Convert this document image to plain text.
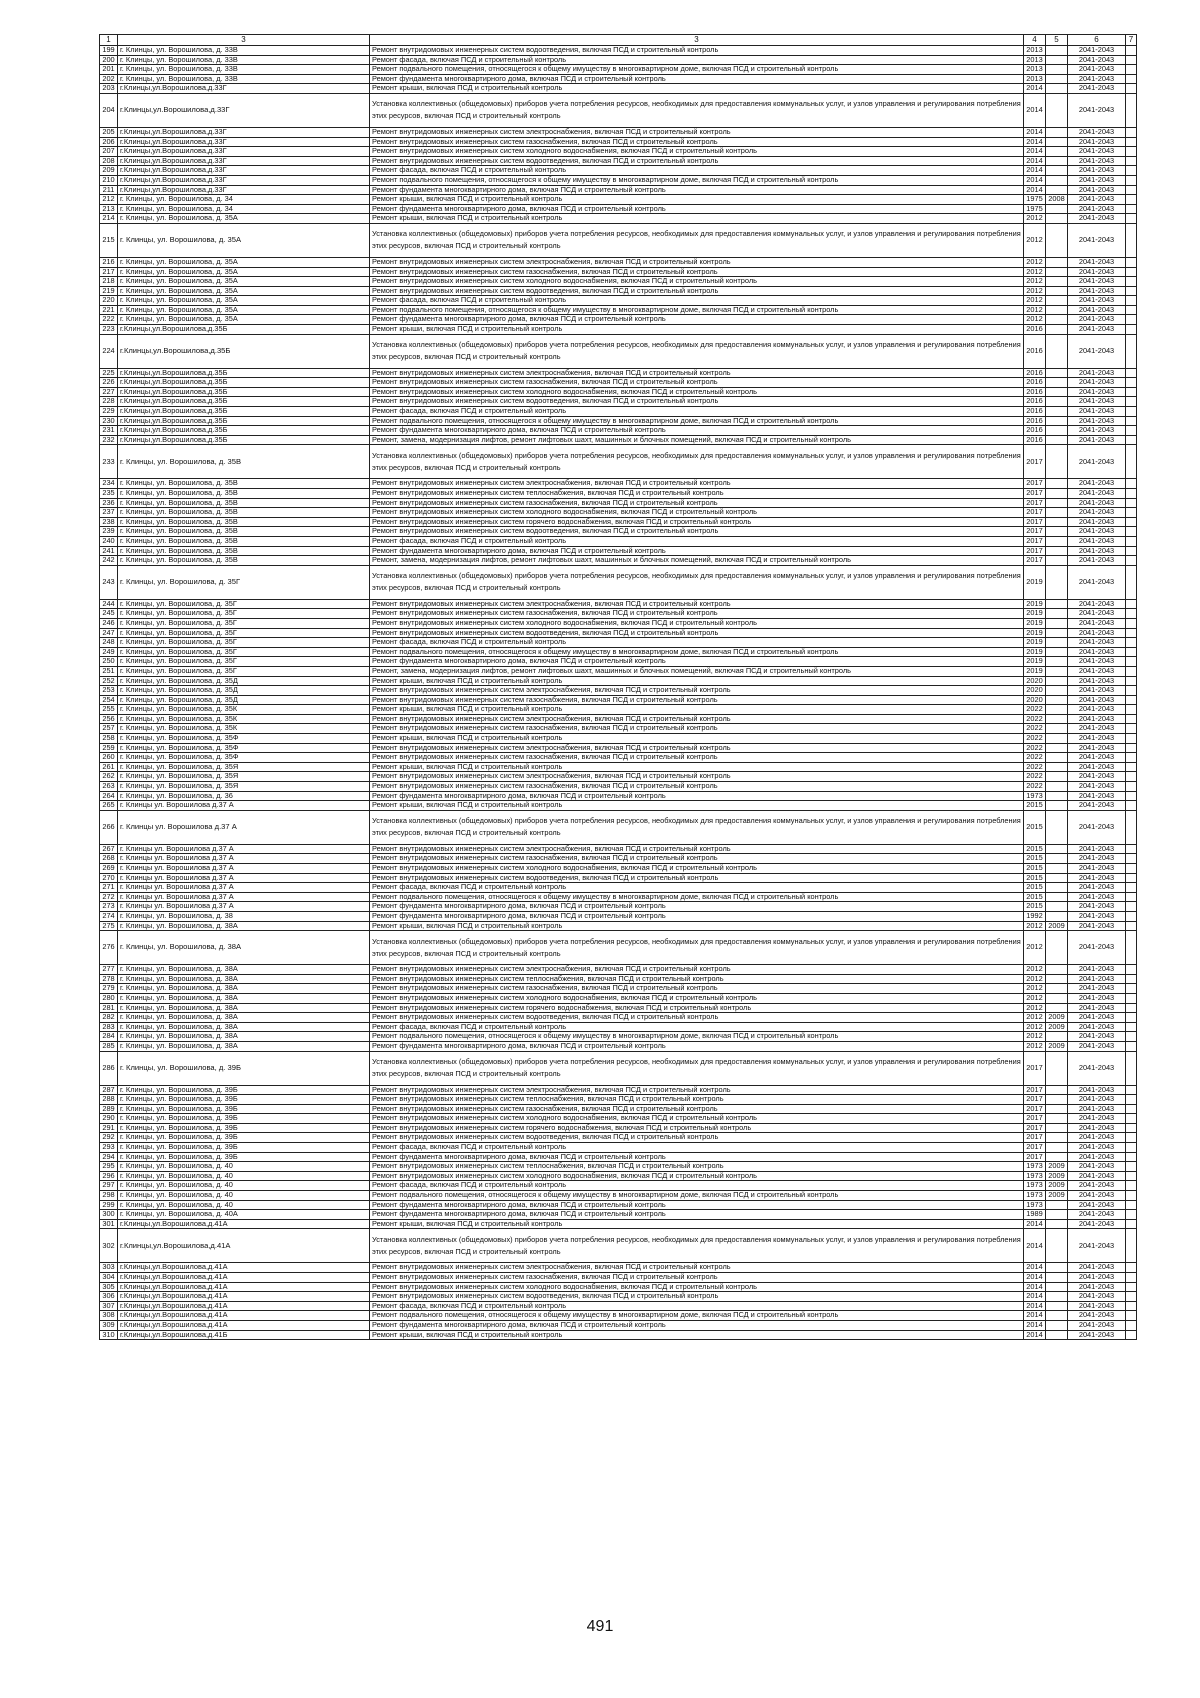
1	3	3	4	5	6	7
199	г. Клинцы, ул. Ворошилова, д. 33В	Ремонт внутридомовых инженерных систем водоотведения, включая ПСД и строительный контроль	2013		2041-2043	
200	г. Клинцы, ул. Ворошилова, д. 33В	Ремонт фасада, включая ПСД и строительный контроль	2013		2041-2043	
201	г. Клинцы, ул. Ворошилова, д. 33В	Ремонт подвального помещения, относящегося к общему имуществу в многоквартирном доме, включая ПСД и строительный контроль	2013		2041-2043	
202	г. Клинцы, ул. Ворошилова, д. 33В	Ремонт фундамента многоквартирного дома, включая ПСД и строительный контроль	2013		2041-2043	
203	г.Клинцы,ул.Ворошилова,д.33Г	Ремонт крыши, включая ПСД и строительный контроль	2014		2041-2043	
204	г.Клинцы,ул.Ворошилова,д.33Г	Установка коллективных (общедомовых) приборов учета потребления ресурсов, необходимых для предоставления коммунальных услуг, и узлов управления и регулирования потребления этих ресурсов, включая ПСД и строительный контроль	2014		2041-2043	
205	г.Клинцы,ул.Ворошилова,д.33Г	Ремонт внутридомовых инженерных систем электроснабжения, включая ПСД и строительный контроль	2014		2041-2043	
206	г.Клинцы,ул.Ворошилова,д.33Г	Ремонт внутридомовых инженерных систем газоснабжения, включая ПСД и строительный контроль	2014		2041-2043	
207	г.Клинцы,ул.Ворошилова,д.33Г	Ремонт внутридомовых инженерных систем холодного водоснабжения, включая ПСД и строительный контроль	2014		2041-2043	
208	г.Клинцы,ул.Ворошилова,д.33Г	Ремонт внутридомовых инженерных систем водоотведения, включая ПСД и строительный контроль	2014		2041-2043	
209	г.Клинцы,ул.Ворошилова,д.33Г	Ремонт фасада, включая ПСД и строительный контроль	2014		2041-2043	
210	г.Клинцы,ул.Ворошилова,д.33Г	Ремонт подвального помещения, относящегося к общему имуществу в многоквартирном доме, включая ПСД и строительный контроль	2014		2041-2043	
211	г.Клинцы,ул.Ворошилова,д.33Г	Ремонт фундамента многоквартирного дома, включая ПСД и строительный контроль	2014		2041-2043	
212	г. Клинцы, ул. Ворошилова, д. 34	Ремонт крыши, включая ПСД и строительный контроль	1975	2008	2041-2043	
213	г. Клинцы, ул. Ворошилова, д. 34	Ремонт фундамента многоквартирного дома, включая ПСД и строительный контроль	1975		2041-2043	
214	г. Клинцы, ул. Ворошилова, д. 35А	Ремонт крыши, включая ПСД и строительный контроль	2012		2041-2043	
215	г. Клинцы, ул. Ворошилова, д. 35А	Установка коллективных (общедомовых) приборов учета потребления ресурсов, необходимых для предоставления коммунальных услуг, и узлов управления и регулирования потребления этих ресурсов, включая ПСД и строительный контроль	2012		2041-2043	
216	г. Клинцы, ул. Ворошилова, д. 35А	Ремонт внутридомовых инженерных систем электроснабжения, включая ПСД и строительный контроль	2012		2041-2043	
217	г. Клинцы, ул. Ворошилова, д. 35А	Ремонт внутридомовых инженерных систем газоснабжения, включая ПСД и строительный контроль	2012		2041-2043	
218	г. Клинцы, ул. Ворошилова, д. 35А	Ремонт внутридомовых инженерных систем холодного водоснабжения, включая ПСД и строительный контроль	2012		2041-2043	
219	г. Клинцы, ул. Ворошилова, д. 35А	Ремонт внутридомовых инженерных систем водоотведения, включая ПСД и строительный контроль	2012		2041-2043	
220	г. Клинцы, ул. Ворошилова, д. 35А	Ремонт фасада, включая ПСД и строительный контроль	2012		2041-2043	
221	г. Клинцы, ул. Ворошилова, д. 35А	Ремонт подвального помещения, относящегося к общему имуществу в многоквартирном доме, включая ПСД и строительный контроль	2012		2041-2043	
222	г. Клинцы, ул. Ворошилова, д. 35А	Ремонт фундамента многоквартирного дома, включая ПСД и строительный контроль	2012		2041-2043	
223	г.Клинцы,ул.Ворошилова,д.35Б	Ремонт крыши, включая ПСД и строительный контроль	2016		2041-2043	
224	г.Клинцы,ул.Ворошилова,д.35Б	Установка коллективных (общедомовых) приборов учета потребления ресурсов, необходимых для предоставления коммунальных услуг, и узлов управления и регулирования потребления этих ресурсов, включая ПСД и строительный контроль	2016		2041-2043	
225	г.Клинцы,ул.Ворошилова,д.35Б	Ремонт внутридомовых инженерных систем электроснабжения, включая ПСД и строительный контроль	2016		2041-2043	
226	г.Клинцы,ул.Ворошилова,д.35Б	Ремонт внутридомовых инженерных систем газоснабжения, включая ПСД и строительный контроль	2016		2041-2043	
227	г.Клинцы,ул.Ворошилова,д.35Б	Ремонт внутридомовых инженерных систем холодного водоснабжения, включая ПСД и строительный контроль	2016		2041-2043	
228	г.Клинцы,ул.Ворошилова,д.35Б	Ремонт внутридомовых инженерных систем водоотведения, включая ПСД и строительный контроль	2016		2041-2043	
229	г.Клинцы,ул.Ворошилова,д.35Б	Ремонт фасада, включая ПСД и строительный контроль	2016		2041-2043	
230	г.Клинцы,ул.Ворошилова,д.35Б	Ремонт подвального помещения, относящегося к общему имуществу в многоквартирном доме, включая ПСД и строительный контроль	2016		2041-2043	
231	г.Клинцы,ул.Ворошилова,д.35Б	Ремонт фундамента многоквартирного дома, включая ПСД и строительный контроль	2016		2041-2043	
232	г.Клинцы,ул.Ворошилова,д.35Б	Ремонт, замена, модернизация лифтов, ремонт лифтовых шахт, машинных и блочных помещений, включая ПСД и строительный контроль	2016		2041-2043	
233	г. Клинцы, ул. Ворошилова, д. 35В	Установка коллективных (общедомовых) приборов учета потребления ресурсов, необходимых для предоставления коммунальных услуг, и узлов управления и регулирования потребления этих ресурсов, включая ПСД и строительный контроль	2017		2041-2043	
234	г. Клинцы, ул. Ворошилова, д. 35В	Ремонт внутридомовых инженерных систем электроснабжения, включая ПСД и строительный контроль	2017		2041-2043	
235	г. Клинцы, ул. Ворошилова, д. 35В	Ремонт внутридомовых инженерных систем теплоснабжения, включая ПСД и строительный контроль	2017		2041-2043	
236	г. Клинцы, ул. Ворошилова, д. 35В	Ремонт внутридомовых инженерных систем газоснабжения, включая ПСД и строительный контроль	2017		2041-2043	
237	г. Клинцы, ул. Ворошилова, д. 35В	Ремонт внутридомовых инженерных систем холодного водоснабжения, включая ПСД и строительный контроль	2017		2041-2043	
238	г. Клинцы, ул. Ворошилова, д. 35В	Ремонт внутридомовых инженерных систем горячего водоснабжения, включая ПСД и строительный контроль	2017		2041-2043	
239	г. Клинцы, ул. Ворошилова, д. 35В	Ремонт внутридомовых инженерных систем водоотведения, включая ПСД и строительный контроль	2017		2041-2043	
240	г. Клинцы, ул. Ворошилова, д. 35В	Ремонт фасада, включая ПСД и строительный контроль	2017		2041-2043	
241	г. Клинцы, ул. Ворошилова, д. 35В	Ремонт фундамента многоквартирного дома, включая ПСД и строительный контроль	2017		2041-2043	
242	г. Клинцы, ул. Ворошилова, д. 35В	Ремонт, замена, модернизация лифтов, ремонт лифтовых шахт, машинных и блочных помещений, включая ПСД и строительный контроль	2017		2041-2043	
243	г. Клинцы, ул. Ворошилова, д. 35Г	Установка коллективных (общедомовых) приборов учета потребления ресурсов, необходимых для предоставления коммунальных услуг, и узлов управления и регулирования потребления этих ресурсов, включая ПСД и строительный контроль	2019		2041-2043	
244	г. Клинцы, ул. Ворошилова, д. 35Г	Ремонт внутридомовых инженерных систем электроснабжения, включая ПСД и строительный контроль	2019		2041-2043	
245	г. Клинцы, ул. Ворошилова, д. 35Г	Ремонт внутридомовых инженерных систем газоснабжения, включая ПСД и строительный контроль	2019		2041-2043	
246	г. Клинцы, ул. Ворошилова, д. 35Г	Ремонт внутридомовых инженерных систем холодного водоснабжения, включая ПСД и строительный контроль	2019		2041-2043	
247	г. Клинцы, ул. Ворошилова, д. 35Г	Ремонт внутридомовых инженерных систем водоотведения, включая ПСД и строительный контроль	2019		2041-2043	
248	г. Клинцы, ул. Ворошилова, д. 35Г	Ремонт фасада, включая ПСД и строительный контроль	2019		2041-2043	
249	г. Клинцы, ул. Ворошилова, д. 35Г	Ремонт подвального помещения, относящегося к общему имуществу в многоквартирном доме, включая ПСД и строительный контроль	2019		2041-2043	
250	г. Клинцы, ул. Ворошилова, д. 35Г	Ремонт фундамента многоквартирного дома, включая ПСД и строительный контроль	2019		2041-2043	
251	г. Клинцы, ул. Ворошилова, д. 35Г	Ремонт, замена, модернизация лифтов, ремонт лифтовых шахт, машинных и блочных помещений, включая ПСД и строительный контроль	2019		2041-2043	
252	г. Клинцы, ул. Ворошилова, д. 35Д	Ремонт крыши, включая ПСД и строительный контроль	2020		2041-2043	
253	г. Клинцы, ул. Ворошилова, д. 35Д	Ремонт внутридомовых инженерных систем электроснабжения, включая ПСД и строительный контроль	2020		2041-2043	
254	г. Клинцы, ул. Ворошилова, д. 35Д	Ремонт внутридомовых инженерных систем газоснабжения, включая ПСД и строительный контроль	2020		2041-2043	
255	г. Клинцы, ул. Ворошилова, д. 35К	Ремонт крыши, включая ПСД и строительный контроль	2022		2041-2043	
256	г. Клинцы, ул. Ворошилова, д. 35К	Ремонт внутридомовых инженерных систем электроснабжения, включая ПСД и строительный контроль	2022		2041-2043	
257	г. Клинцы, ул. Ворошилова, д. 35К	Ремонт внутридомовых инженерных систем газоснабжения, включая ПСД и строительный контроль	2022		2041-2043	
258	г. Клинцы, ул. Ворошилова, д. 35Ф	Ремонт крыши, включая ПСД и строительный контроль	2022		2041-2043	
259	г. Клинцы, ул. Ворошилова, д. 35Ф	Ремонт внутридомовых инженерных систем электроснабжения, включая ПСД и строительный контроль	2022		2041-2043	
260	г. Клинцы, ул. Ворошилова, д. 35Ф	Ремонт внутридомовых инженерных систем газоснабжения, включая ПСД и строительный контроль	2022		2041-2043	
261	г. Клинцы, ул. Ворошилова, д. 35Я	Ремонт крыши, включая ПСД и строительный контроль	2022		2041-2043	
262	г. Клинцы, ул. Ворошилова, д. 35Я	Ремонт внутридомовых инженерных систем электроснабжения, включая ПСД и строительный контроль	2022		2041-2043	
263	г. Клинцы, ул. Ворошилова, д. 35Я	Ремонт внутридомовых инженерных систем газоснабжения, включая ПСД и строительный контроль	2022		2041-2043	
264	г. Клинцы, ул. Ворошилова, д. 36	Ремонт фундамента многоквартирного дома, включая ПСД и строительный контроль	1973		2041-2043	
265	г. Клинцы ул. Ворошилова д.37 А	Ремонт крыши, включая ПСД и строительный контроль	2015		2041-2043	
266	г. Клинцы ул. Ворошилова д.37 А	Установка коллективных (общедомовых) приборов учета потребления ресурсов, необходимых для предоставления коммунальных услуг, и узлов управления и регулирования потребления этих ресурсов, включая ПСД и строительный контроль	2015		2041-2043	
267	г. Клинцы ул. Ворошилова д.37 А	Ремонт внутридомовых инженерных систем электроснабжения, включая ПСД и строительный контроль	2015		2041-2043	
268	г. Клинцы ул. Ворошилова д.37 А	Ремонт внутридомовых инженерных систем газоснабжения, включая ПСД и строительный контроль	2015		2041-2043	
269	г. Клинцы ул. Ворошилова д.37 А	Ремонт внутридомовых инженерных систем холодного водоснабжения, включая ПСД и строительный контроль	2015		2041-2043	
270	г. Клинцы ул. Ворошилова д.37 А	Ремонт внутридомовых инженерных систем водоотведения, включая ПСД и строительный контроль	2015		2041-2043	
271	г. Клинцы ул. Ворошилова д.37 А	Ремонт фасада, включая ПСД и строительный контроль	2015		2041-2043	
272	г. Клинцы ул. Ворошилова д.37 А	Ремонт подвального помещения, относящегося к общему имуществу в многоквартирном доме, включая ПСД и строительный контроль	2015		2041-2043	
273	г. Клинцы ул. Ворошилова д.37 А	Ремонт фундамента многоквартирного дома, включая ПСД и строительный контроль	2015		2041-2043	
274	г. Клинцы, ул. Ворошилова, д. 38	Ремонт фундамента многоквартирного дома, включая ПСД и строительный контроль	1992		2041-2043	
275	г. Клинцы, ул. Ворошилова, д. 38А	Ремонт крыши, включая ПСД и строительный контроль	2012	2009	2041-2043	
276	г. Клинцы, ул. Ворошилова, д. 38А	Установка коллективных (общедомовых) приборов учета потребления ресурсов, необходимых для предоставления коммунальных услуг, и узлов управления и регулирования потребления этих ресурсов, включая ПСД и строительный контроль	2012		2041-2043	
277	г. Клинцы, ул. Ворошилова, д. 38А	Ремонт внутридомовых инженерных систем электроснабжения, включая ПСД и строительный контроль	2012		2041-2043	
278	г. Клинцы, ул. Ворошилова, д. 38А	Ремонт внутридомовых инженерных систем теплоснабжения, включая ПСД и строительный контроль	2012		2041-2043	
279	г. Клинцы, ул. Ворошилова, д. 38А	Ремонт внутридомовых инженерных систем газоснабжения, включая ПСД и строительный контроль	2012		2041-2043	
280	г. Клинцы, ул. Ворошилова, д. 38А	Ремонт внутридомовых инженерных систем холодного водоснабжения, включая ПСД и строительный контроль	2012		2041-2043	
281	г. Клинцы, ул. Ворошилова, д. 38А	Ремонт внутридомовых инженерных систем горячего водоснабжения, включая ПСД и строительный контроль	2012		2041-2043	
282	г. Клинцы, ул. Ворошилова, д. 38А	Ремонт внутридомовых инженерных систем водоотведения, включая ПСД и строительный контроль	2012	2009	2041-2043	
283	г. Клинцы, ул. Ворошилова, д. 38А	Ремонт фасада, включая ПСД и строительный контроль	2012	2009	2041-2043	
284	г. Клинцы, ул. Ворошилова, д. 38А	Ремонт подвального помещения, относящегося к общему имуществу в многоквартирном доме, включая ПСД и строительный контроль	2012		2041-2043	
285	г. Клинцы, ул. Ворошилова, д. 38А	Ремонт фундамента многоквартирного дома, включая ПСД и строительный контроль	2012	2009	2041-2043	
286	г. Клинцы, ул. Ворошилова, д. 39Б	Установка коллективных (общедомовых) приборов учета потребления ресурсов, необходимых для предоставления коммунальных услуг, и узлов управления и регулирования потребления этих ресурсов, включая ПСД и строительный контроль	2017		2041-2043	
287	г. Клинцы, ул. Ворошилова, д. 39Б	Ремонт внутридомовых инженерных систем электроснабжения, включая ПСД и строительный контроль	2017		2041-2043	
288	г. Клинцы, ул. Ворошилова, д. 39Б	Ремонт внутридомовых инженерных систем теплоснабжения, включая ПСД и строительный контроль	2017		2041-2043	
289	г. Клинцы, ул. Ворошилова, д. 39Б	Ремонт внутридомовых инженерных систем газоснабжения, включая ПСД и строительный контроль	2017		2041-2043	
290	г. Клинцы, ул. Ворошилова, д. 39Б	Ремонт внутридомовых инженерных систем холодного водоснабжения, включая ПСД и строительный контроль	2017		2041-2043	
291	г. Клинцы, ул. Ворошилова, д. 39Б	Ремонт внутридомовых инженерных систем горячего водоснабжения, включая ПСД и строительный контроль	2017		2041-2043	
292	г. Клинцы, ул. Ворошилова, д. 39Б	Ремонт внутридомовых инженерных систем водоотведения, включая ПСД и строительный контроль	2017		2041-2043	
293	г. Клинцы, ул. Ворошилова, д. 39Б	Ремонт фасада, включая ПСД и строительный контроль	2017		2041-2043	
294	г. Клинцы, ул. Ворошилова, д. 39Б	Ремонт фундамента многоквартирного дома, включая ПСД и строительный контроль	2017		2041-2043	
295	г. Клинцы, ул. Ворошилова, д. 40	Ремонт внутридомовых инженерных систем теплоснабжения, включая ПСД и строительный контроль	1973	2009	2041-2043	
296	г. Клинцы, ул. Ворошилова, д. 40	Ремонт внутридомовых инженерных систем холодного водоснабжения, включая ПСД и строительный контроль	1973	2009	2041-2043	
297	г. Клинцы, ул. Ворошилова, д. 40	Ремонт фасада, включая ПСД и строительный контроль	1973	2009	2041-2043	
298	г. Клинцы, ул. Ворошилова, д. 40	Ремонт подвального помещения, относящегося к общему имуществу в многоквартирном доме, включая ПСД и строительный контроль	1973	2009	2041-2043	
299	г. Клинцы, ул. Ворошилова, д. 40	Ремонт фундамента многоквартирного дома, включая ПСД и строительный контроль	1973		2041-2043	
300	г. Клинцы, ул. Ворошилова, д. 40А	Ремонт фундамента многоквартирного дома, включая ПСД и строительный контроль	1989		2041-2043	
301	г.Клинцы,ул.Ворошилова,д.41А	Ремонт крыши, включая ПСД и строительный контроль	2014		2041-2043	
302	г.Клинцы,ул.Ворошилова,д.41А	Установка коллективных (общедомовых) приборов учета потребления ресурсов, необходимых для предоставления коммунальных услуг, и узлов управления и регулирования потребления этих ресурсов, включая ПСД и строительный контроль	2014		2041-2043	
303	г.Клинцы,ул.Ворошилова,д.41А	Ремонт внутридомовых инженерных систем электроснабжения, включая ПСД и строительный контроль	2014		2041-2043	
304	г.Клинцы,ул.Ворошилова,д.41А	Ремонт внутридомовых инженерных систем газоснабжения, включая ПСД и строительный контроль	2014		2041-2043	
305	г.Клинцы,ул.Ворошилова,д.41А	Ремонт внутридомовых инженерных систем холодного водоснабжения, включая ПСД и строительный контроль	2014		2041-2043	
306	г.Клинцы,ул.Ворошилова,д.41А	Ремонт внутридомовых инженерных систем водоотведения, включая ПСД и строительный контроль	2014		2041-2043	
307	г.Клинцы,ул.Ворошилова,д.41А	Ремонт фасада, включая ПСД и строительный контроль	2014		2041-2043	
308	г.Клинцы,ул.Ворошилова,д.41А	Ремонт подвального помещения, относящегося к общему имуществу в многоквартирном доме, включая ПСД и строительный контроль	2014		2041-2043	
309	г.Клинцы,ул.Ворошилова,д.41А	Ремонт фундамента многоквартирного дома, включая ПСД и строительный контроль	2014		2041-2043	
310	г.Клинцы,ул.Ворошилова,д.41Б	Ремонт крыши, включая ПСД и строительный контроль	2014		2041-2043	
491
